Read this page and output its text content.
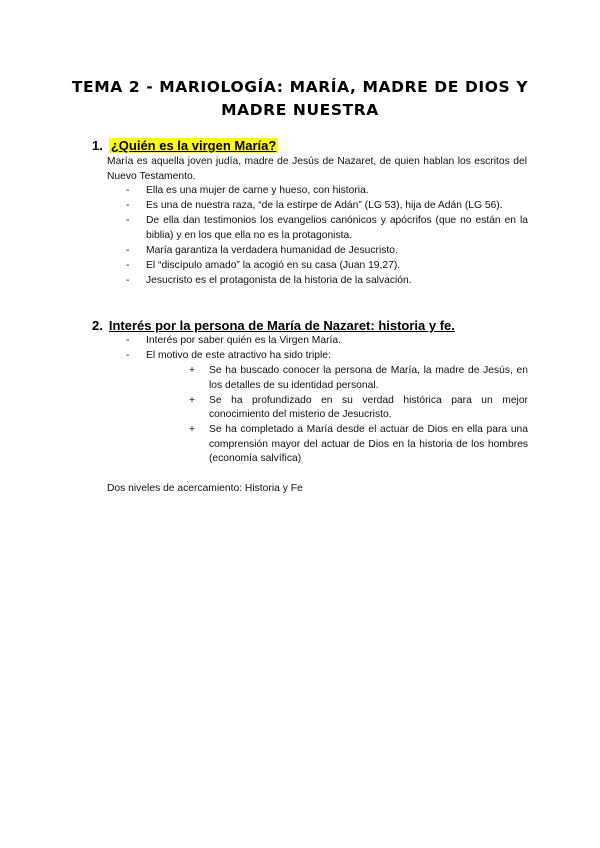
TEMA 2 - MARIOLOGÍA: MARÍA, MADRE DE DIOS Y
MADRE NUESTRA
1. ¿Quién es la virgen María?
María es aquella joven judía, madre de Jesús de Nazaret, de quien hablan los escritos del Nuevo Testamento.
- Ella es una mujer de carne y hueso, con historia.
- Es una de nuestra raza, “de la estirpe de Adán” (LG 53), hija de Adán (LG 56).
- De ella dan testimonios los evangelios canónicos y apócrifos (que no están en la biblia) y en los que ella no es la protagonista.
- María garantiza la verdadera humanidad de Jesucristo.
- El “discípulo amado” la acogió en su casa (Juan 19,27).
- Jesucristo es el protagonista de la historia de la salvación.
2. Interés por la persona de María de Nazaret: historia y fe.
- Interés por saber quién es la Virgen María.
- El motivo de este atractivo ha sido triple:
+ Se ha buscado conocer la persona de María, la madre de Jesús, en los detalles de su identidad personal.
+ Se ha profundizado en su verdad histórica para un mejor conocimiento del misterio de Jesucristo.
+ Se ha completado a María desde el actuar de Dios en ella para una comprensión mayor del actuar de Dios en la historia de los hombres (economía salvífica)
Dos niveles de acercamiento: Historia y Fe
